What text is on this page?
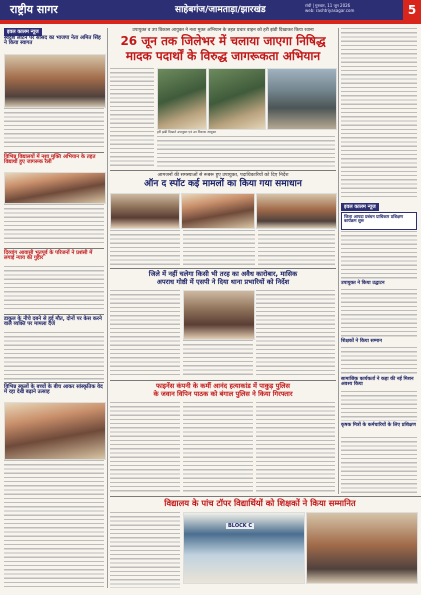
राष्ट्रीय सागर	साहेबगंज/जामताड़ा/झारखंड	रांची | गुरुवार, 11 जून 2026
web: rashtriyasagar.com	5
इवल कालम न्यूज
स्वदेश लौटने पर सांसद का भाजपा नेता अमित सिंह ने किया स्वागत
विभिन्न विद्यालयों में नशा मुक्ति अभियान के तहत विद्यार्थी हुए जागरूक रैली
दिव्यांग आवासी भूतपूर्व के परिजनों ने प्रशंसी में लगाई न्याय की गुहार
डाकुल के नीचे दबने से हुई मौत, दोनों पर केस करने वाले व्यक्ति पर मामला दर्ज
विभिन्न स्कूलों के बच्चों के बीच आकर सांस्कृतिक वेद में रहा देख बढ़ाने उत्साह
उपायुक्त व उप विकास आयुक्त ने नशा मुक्त अभियान के तहत प्रचार वाहन को हरी झंडी दिखाकर किया रवाना
26 जून तक जिलेभर में चलाया जाएगा निषिद्ध
मादक पदार्थों के विरुद्ध जागरूकता अभियान
हरी झंडी दिखाते उपायुक्त एवं उप विकास आयुक्त
आमजनों की समस्याओं से रूबरू हुए उपायुक्त, पदाधिकारियों को दिए निर्देश
ऑन द स्पॉट कई मामलों का किया गया समाधान
जिले में नहीं चलेगा किसी भी तरह का अवैध कारोबार, मासिक
अपराध गोष्ठी में एसपी ने दिया थाना प्रभारियों को निर्देश
फाइनेंस कंपनी के कर्मी आनंद हत्याकांड में पाकुड़ पुलिस
के जवान विपिन पाठक को बंगाल पुलिस ने किया गिरफ्तार
विद्यालय के पांच टॉपर विद्यार्थियों को शिक्षकों ने किया सम्मानित
BLOCK C
इवल कालम न्यूज
जिला आपदा प्रबंधन प्राधिकार प्रशिक्षण कार्यक्रम शुरू
उपायुक्त ने किया उद्घाटन
शिक्षकों ने किया सम्मान
सामाजिक कार्यकर्ता ने कहा की नई मिशन अवश्य किया
कृषक मित्रों के कर्मचारियों के लिए प्रशिक्षण
